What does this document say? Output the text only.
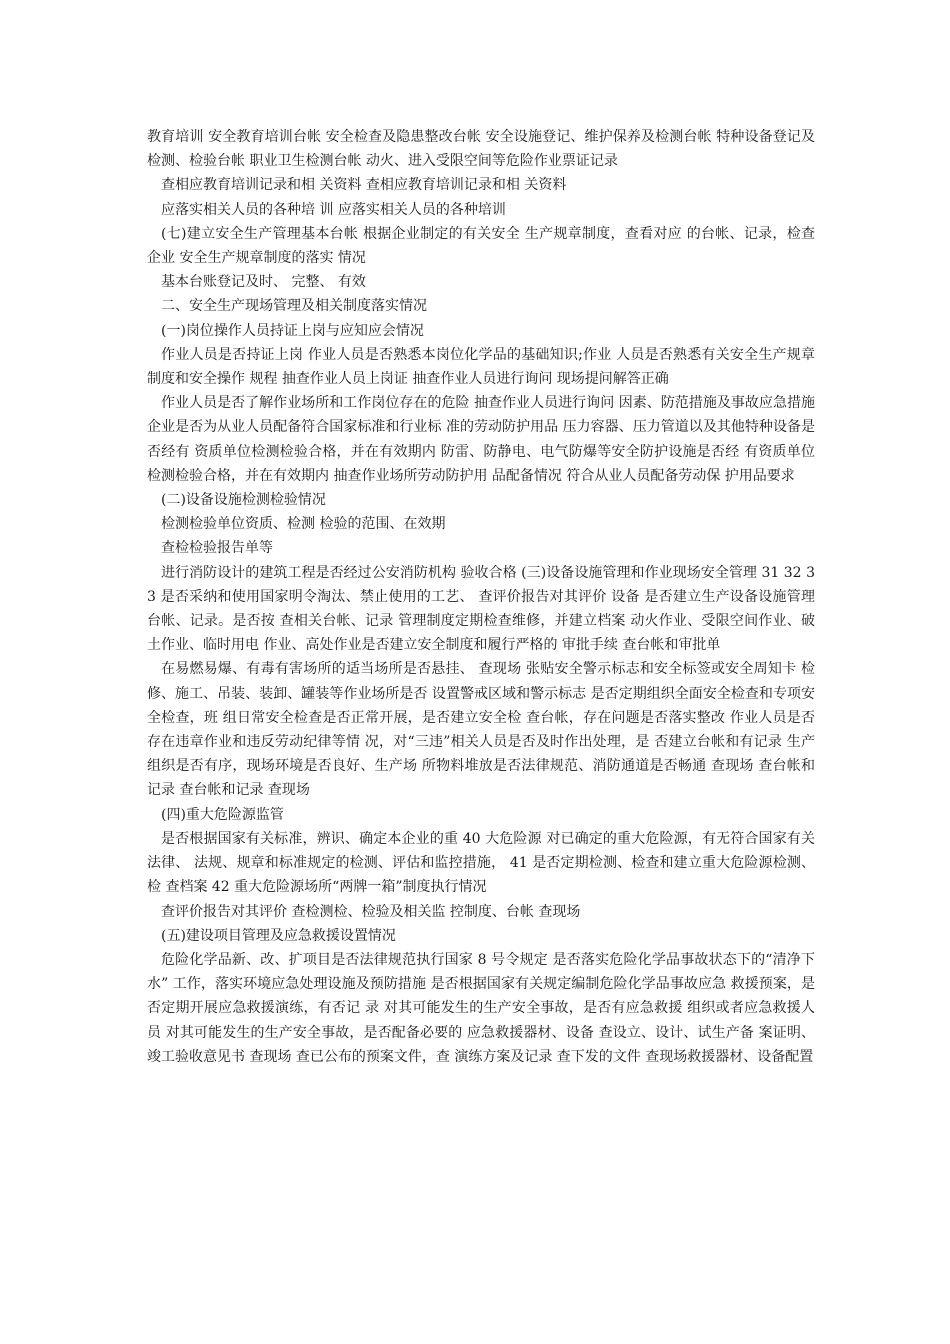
教育培训 安全教育培训台帐 安全检查及隐患整改台帐 安全设施登记、维护保养及检测台帐 特种设备登记及检测、检验台帐 职业卫生检测台帐 动火、进入受限空间等危险作业票证记录

查相应教育培训记录和相 关资料 查相应教育培训记录和相 关资料

应落实相关人员的各种培 训 应落实相关人员的各种培训

(七)建立安全生产管理基本台帐 根据企业制定的有关安全 生产规章制度，查看对应 的台帐、记录，检查企业 安全生产规章制度的落实 情况

基本台账登记及时、 完整、 有效

二、安全生产现场管理及相关制度落实情况

(一)岗位操作人员持证上岗与应知应会情况

作业人员是否持证上岗 作业人员是否熟悉本岗位化学品的基础知识;作业 人员是否熟悉有关安全生产规章制度和安全操作 规程 抽查作业人员上岗证 抽查作业人员进行询问 现场提问解答正确

作业人员是否了解作业场所和工作岗位存在的危险 抽查作业人员进行询问 因素、防范措施及事故应急措施 企业是否为从业人员配备符合国家标准和行业标 准的劳动防护用品 压力容器、压力管道以及其他特种设备是否经有 资质单位检测检验合格，并在有效期内 防雷、防静电、电气防爆等安全防护设施是否经 有资质单位检测检验合格，并在有效期内 抽查作业场所劳动防护用 品配备情况 符合从业人员配备劳动保 护用品要求

(二)设备设施检测检验情况

检测检验单位资质、检测 检验的范围、在效期

查检检验报告单等

进行消防设计的建筑工程是否经过公安消防机构 验收合格 (三)设备设施管理和作业现场安全管理 31 32 33 是否采纳和使用国家明令淘汰、禁止使用的工艺、 查评价报告对其评价 设备 是否建立生产设备设施管理台帐、记录。是否按 查相关台帐、记录 管理制度定期检查维修，并建立档案 动火作业、受限空间作业、破土作业、临时用电 作业、高处作业是否建立安全制度和履行严格的 审批手续 查台帐和审批单

在易燃易爆、有毒有害场所的适当场所是否悬挂、 查现场 张贴安全警示标志和安全标签或安全周知卡 检修、施工、吊装、装卸、罐装等作业场所是否 设置警戒区域和警示标志 是否定期组织全面安全检查和专项安全检查，班 组日常安全检查是否正常开展，是否建立安全检 查台帐，存在问题是否落实整改 作业人员是否存在违章作业和违反劳动纪律等情 况，对“三违”相关人员是否及时作出处理，是 否建立台帐和有记录 生产组织是否有序，现场环境是否良好、生产场 所物料堆放是否法律规范、消防通道是否畅通 查现场 查台帐和记录 查台帐和记录 查现场

(四)重大危险源监管

是否根据国家有关标准，辨识、确定本企业的重 40 大危险源 对已确定的重大危险源，有无符合国家有关法律、 法规、规章和标准规定的检测、评估和监控措施， 41 是否定期检测、检查和建立重大危险源检测、检 查档案 42 重大危险源场所“两牌一箱”制度执行情况

查评价报告对其评价 查检测检、检验及相关监 控制度、台帐 查现场

(五)建设项目管理及应急救援设置情况

危险化学品新、改、扩项目是否法律规范执行国家 8 号令规定 是否落实危险化学品事故状态下的“清净下水” 工作，落实环境应急处理设施及预防措施 是否根据国家有关规定编制危险化学品事故应急 救援预案，是否定期开展应急救援演练，有否记 录 对其可能发生的生产安全事故，是否有应急救援 组织或者应急救援人员 对其可能发生的生产安全事故，是否配备必要的 应急救援器材、设备 查设立、设计、试生产备 案证明、竣工验收意见书 查现场 查已公布的预案文件，查 演练方案及记录 查下发的文件 查现场救援器材、设备配置
